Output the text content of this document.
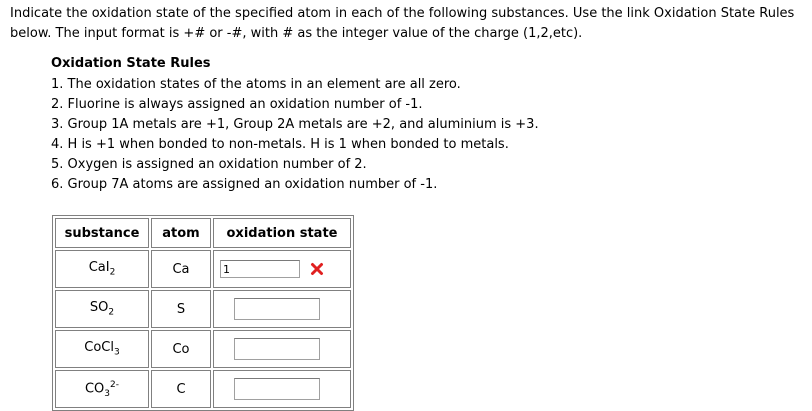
Indicate the oxidation state of the specified atom in each of the following substances. Use the link Oxidation State Rules below. The input format is +# or -#, with # as the integer value of the charge (1,2,etc).
Oxidation State Rules
1. The oxidation states of the atoms in an element are all zero.
2. Fluorine is always assigned an oxidation number of -1.
3. Group 1A metals are +1, Group 2A metals are +2, and aluminium is +3.
4. H is +1 when bonded to non-metals. H is 1 when bonded to metals.
5. Oxygen is assigned an oxidation number of 2.
6. Group 7A atoms are assigned an oxidation number of -1.
substance	atom	oxidation state
CaI$_2$	Ca	1
$SO_2$	S	
CoCl$_3$	Co	
$CO_3^{2-}$	C	
